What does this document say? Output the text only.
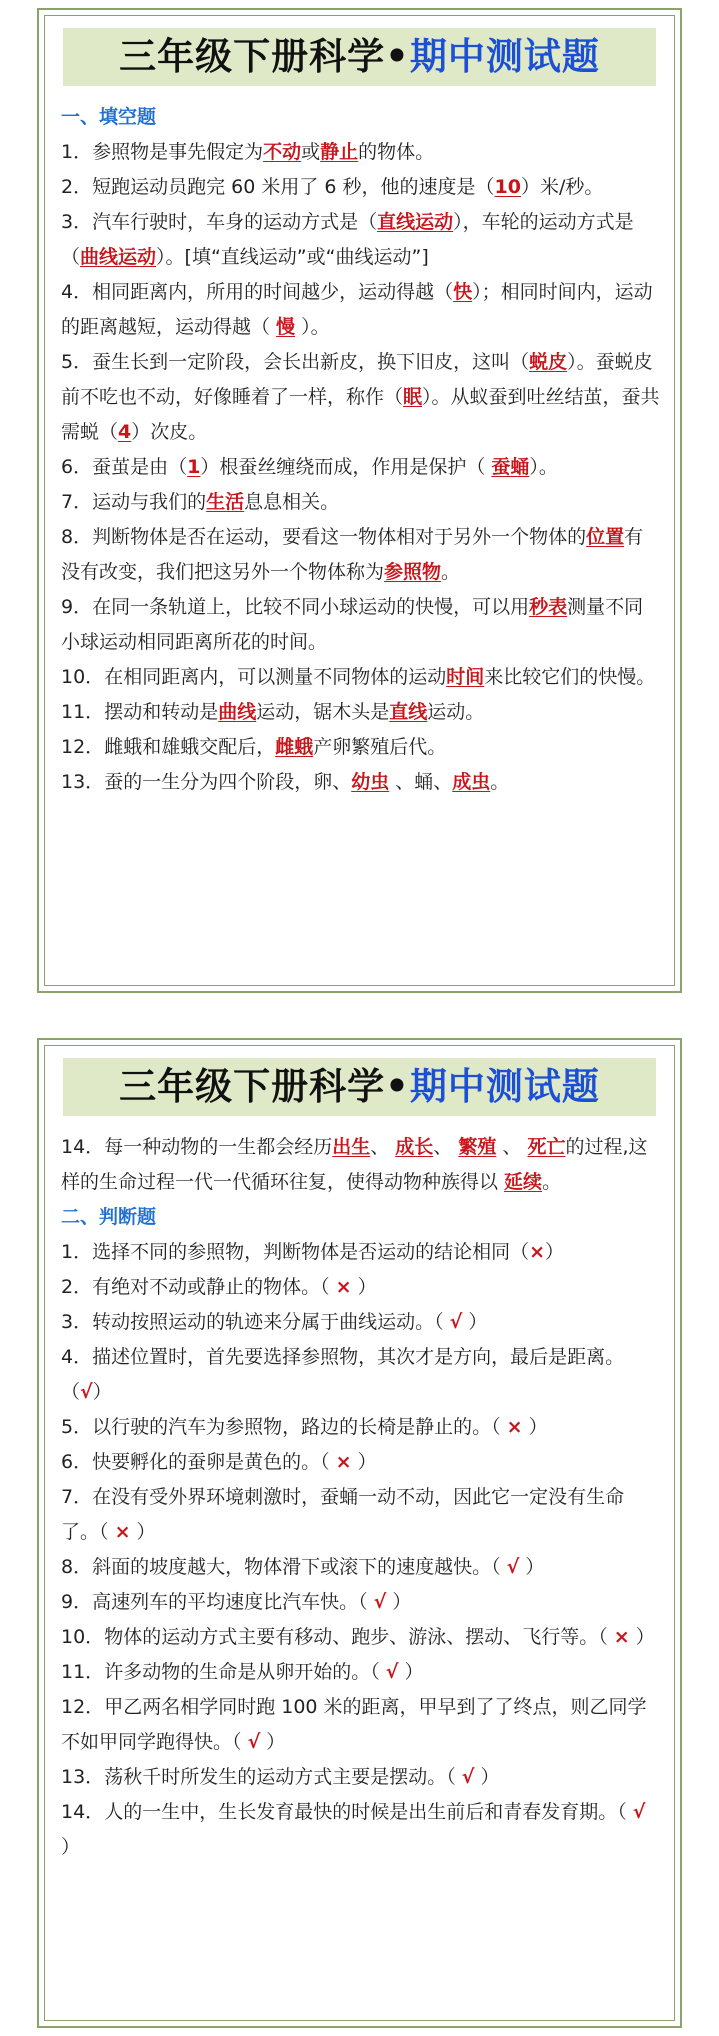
三年级下册科学•期中测试题

一、填空题

1．参照物是事先假定为不动或静止的物体。

2．短跑运动员跑完 60 米用了 6 秒，他的速度是（10）米/秒。

3．汽车行驶时，车身的运动方式是（直线运动），车轮的运动方式是（曲线运动）。[填“直线运动”或“曲线运动”]

4．相同距离内，所用的时间越少，运动得越（快）；相同时间内，运动的距离越短，运动得越（ 慢 ）。

5．蚕生长到一定阶段，会长出新皮，换下旧皮，这叫（蜕皮）。蚕蜕皮前不吃也不动，好像睡着了一样，称作（眠）。从蚁蚕到吐丝结茧，蚕共需蜕（4）次皮。

6．蚕茧是由（1）根蚕丝缠绕而成，作用是保护（ 蚕蛹）。

7．运动与我们的生活息息相关。

8．判断物体是否在运动，要看这一物体相对于另外一个物体的位置有没有改变，我们把这另外一个物体称为参照物。

9．在同一条轨道上，比较不同小球运动的快慢，可以用秒表测量不同小球运动相同距离所花的时间。

10．在相同距离内，可以测量不同物体的运动时间来比较它们的快慢。

11．摆动和转动是曲线运动，锯木头是直线运动。

12．雌蛾和雄蛾交配后，雌蛾产卵繁殖后代。

13．蚕的一生分为四个阶段，卵、幼虫 、蛹、成虫。

三年级下册科学•期中测试题

14．每一种动物的一生都会经历出生、 成长、 繁殖 、 死亡的过程,这样的生命过程一代一代循环往复，使得动物种族得以 延续。

二、判断题

1．选择不同的参照物，判断物体是否运动的结论相同（×）

2．有绝对不动或静止的物体。（ × ）

3．转动按照运动的轨迹来分属于曲线运动。（ √ ）

4．描述位置时，首先要选择参照物，其次才是方向，最后是距离。（√）

5．以行驶的汽车为参照物，路边的长椅是静止的。（ × ）

6．快要孵化的蚕卵是黄色的。（ × ）

7．在没有受外界环境刺激时，蚕蛹一动不动，因此它一定没有生命了。（ × ）

8．斜面的坡度越大，物体滑下或滚下的速度越快。（ √ ）

9．高速列车的平均速度比汽车快。（ √ ）

10．物体的运动方式主要有移动、跑步、游泳、摆动、飞行等。（ × ）

11．许多动物的生命是从卵开始的。（ √ ）

12．甲乙两名相学同时跑 100 米的距离，甲早到了了终点，则乙同学不如甲同学跑得快。（ √ ）

13．荡秋千时所发生的运动方式主要是摆动。（ √ ）

14．人的一生中，生长发育最快的时候是出生前后和青春发育期。（ √ ）
